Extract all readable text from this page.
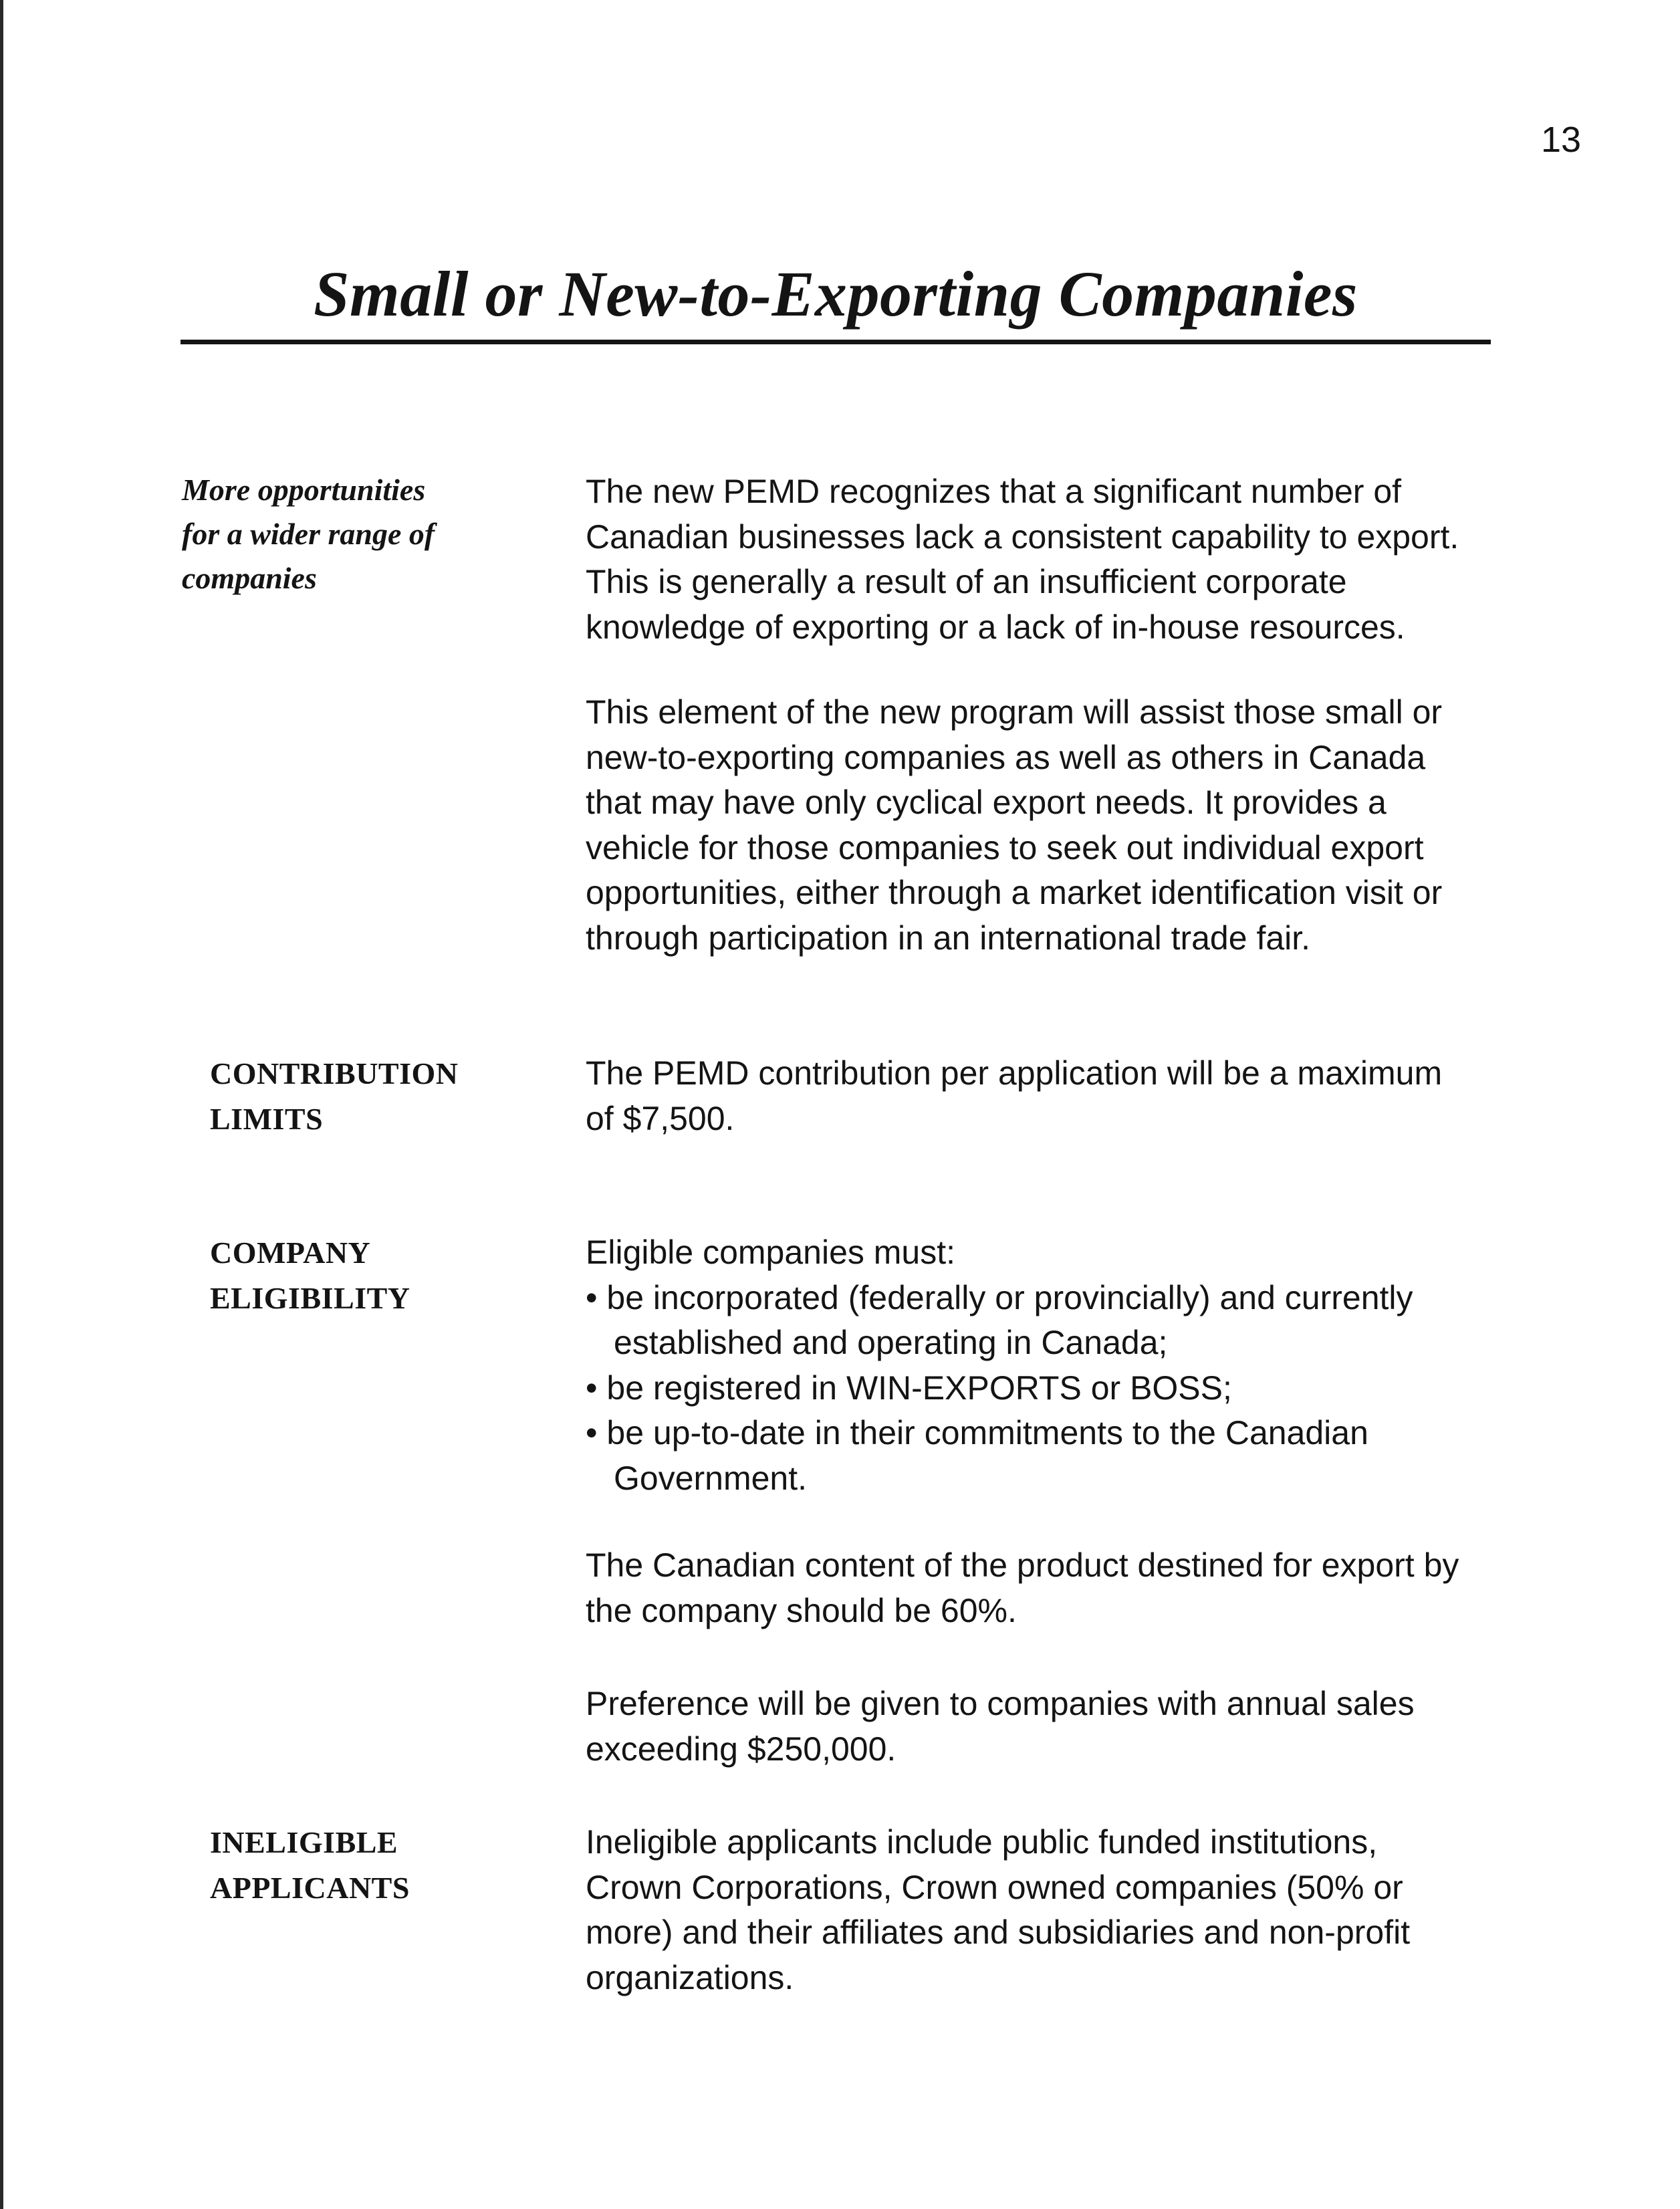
13
Small or New-to-Exporting Companies
More opportunities
for a wider range of
companies
The new PEMD recognizes that a significant number of
Canadian businesses lack a consistent capability to export.
This is generally a result of an insufficient corporate
knowledge of exporting or a lack of in-house resources.
This element of the new program will assist those small or
new-to-exporting companies as well as others in Canada
that may have only cyclical export needs. It provides a
vehicle for those companies to seek out individual export
opportunities, either through a market identification visit or
through participation in an international trade fair.
CONTRIBUTION
LIMITS
The PEMD contribution per application will be a maximum
of $7,500.
COMPANY
ELIGIBILITY
Eligible companies must:
• be incorporated (federally or provincially) and currently
established and operating in Canada;
• be registered in WIN-EXPORTS or BOSS;
• be up-to-date in their commitments to the Canadian
Government.
The Canadian content of the product destined for export by
the company should be 60%.
Preference will be given to companies with annual sales
exceeding $250,000.
INELIGIBLE
APPLICANTS
Ineligible applicants include public funded institutions,
Crown Corporations, Crown owned companies (50% or
more) and their affiliates and subsidiaries and non-profit
organizations.
